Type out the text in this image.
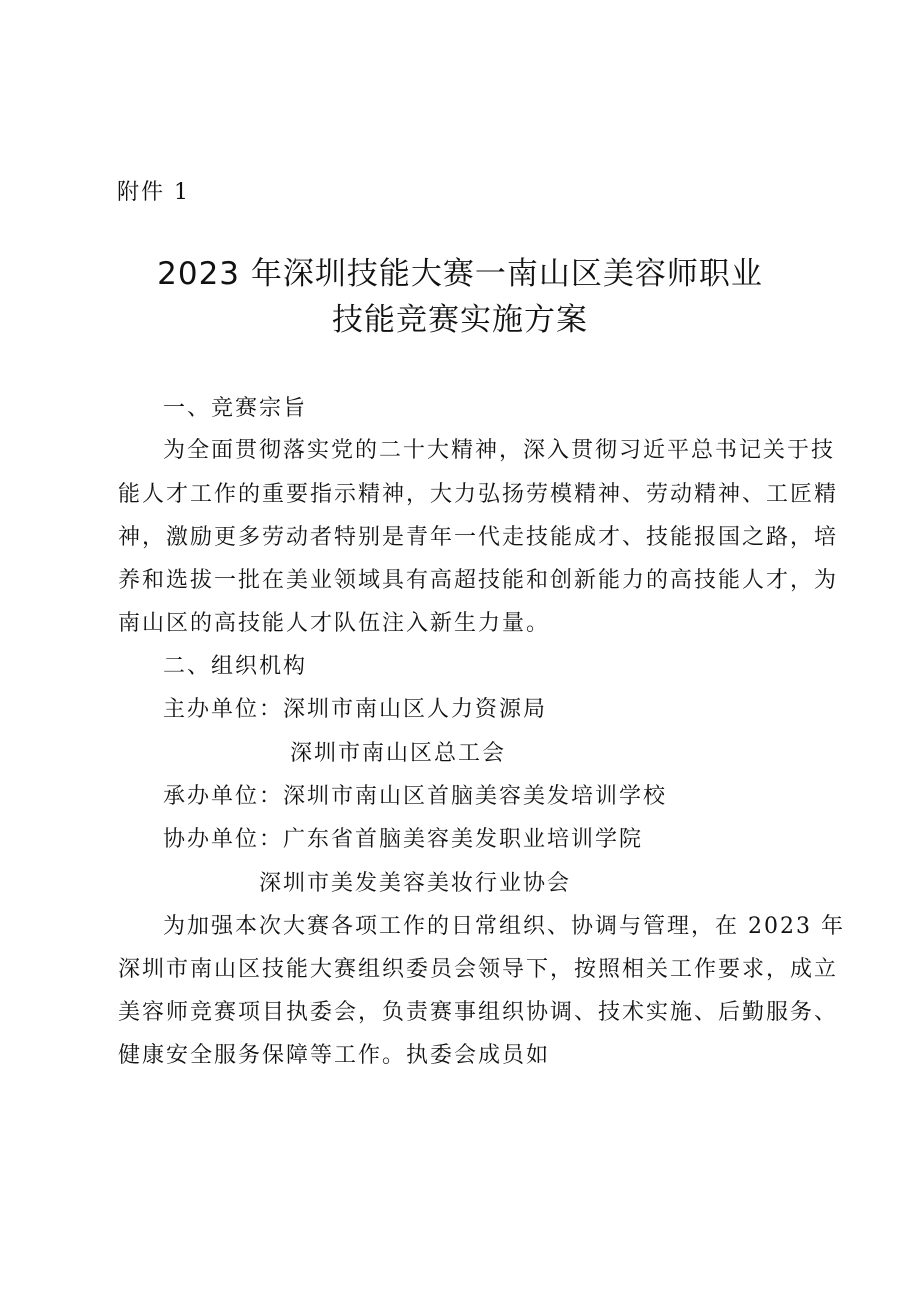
附件 1
2023 年深圳技能大赛一南山区美容师职业
技能竞赛实施方案
一、竞赛宗旨
为全面贯彻落实党的二十大精神，深入贯彻习近平总书记关于技
能人才工作的重要指示精神，大力弘扬劳模精神、劳动精神、工匠精
神，激励更多劳动者特别是青年一代走技能成才、技能报国之路，培
养和选拔一批在美业领域具有高超技能和创新能力的高技能人才，为
南山区的高技能人才队伍注入新生力量。
二、组织机构
主办单位：深圳市南山区人力资源局
深圳市南山区总工会
承办单位：深圳市南山区首脑美容美发培训学校
协办单位：广东省首脑美容美发职业培训学院
深圳市美发美容美妆行业协会
为加强本次大赛各项工作的日常组织、协调与管理，在 2023 年
深圳市南山区技能大赛组织委员会领导下，按照相关工作要求，成立
美容师竞赛项目执委会，负责赛事组织协调、技术实施、后勤服务、
健康安全服务保障等工作。执委会成员如
